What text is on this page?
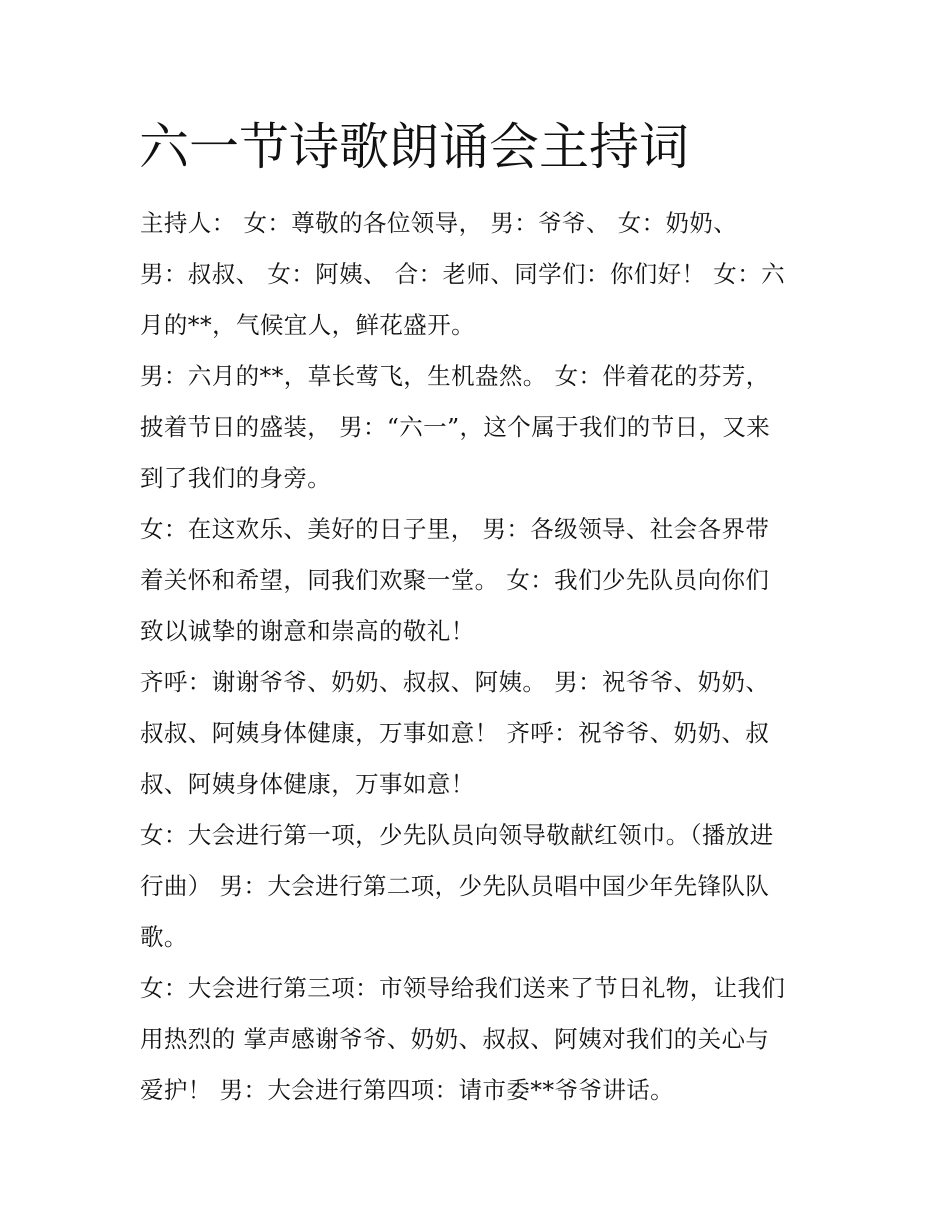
六一节诗歌朗诵会主持词

主持人： 女：尊敬的各位领导， 男：爷爷、 女：奶奶、
男：叔叔、 女：阿姨、 合：老师、同学们：你们好！ 女：六
月的**，气候宜人，鲜花盛开。

男：六月的**，草长莺飞，生机盎然。 女：伴着花的芬芳，
披着节日的盛装， 男：“六一”，这个属于我们的节日，又来
到了我们的身旁。

女：在这欢乐、美好的日子里， 男：各级领导、社会各界带
着关怀和希望，同我们欢聚一堂。 女：我们少先队员向你们
致以诚挚的谢意和崇高的敬礼！

齐呼：谢谢爷爷、奶奶、叔叔、阿姨。 男：祝爷爷、奶奶、
叔叔、阿姨身体健康，万事如意！ 齐呼：祝爷爷、奶奶、叔
叔、阿姨身体健康，万事如意！

女：大会进行第一项，少先队员向领导敬献红领巾。（播放进
行曲） 男：大会进行第二项，少先队员唱中国少年先锋队队
歌。

女：大会进行第三项：市领导给我们送来了节日礼物，让我们
用热烈的 掌声感谢爷爷、奶奶、叔叔、阿姨对我们的关心与
爱护！ 男：大会进行第四项：请市委**爷爷讲话。
